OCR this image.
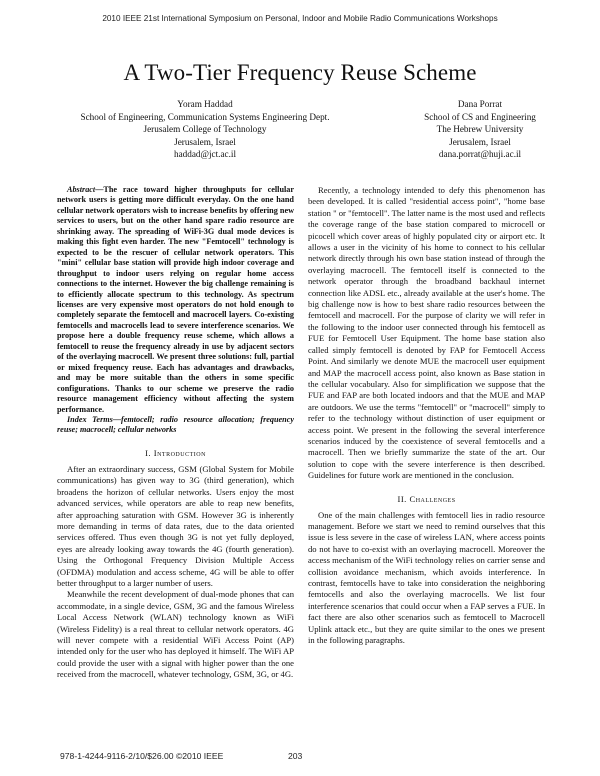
2010 IEEE 21st International Symposium on Personal, Indoor and Mobile Radio Communications Workshops
A Two-Tier Frequency Reuse Scheme
Yoram Haddad
School of Engineering, Communication Systems Engineering Dept.
Jerusalem College of Technology
Jerusalem, Israel
haddad@jct.ac.il
Dana Porrat
School of CS and Engineering
The Hebrew University
Jerusalem, Israel
dana.porrat@huji.ac.il

Abstract—The race toward higher throughputs for cellular network users is getting more difficult everyday. On the one hand cellular network operators wish to increase benefits by offering new services to users, but on the other hand spare radio resource are shrinking away. The spreading of WiFi-3G dual mode devices is making this fight even harder. The new "Femtocell" technology is expected to be the rescuer of cellular network operators. This "mini" cellular base station will provide high indoor coverage and throughput to indoor users relying on regular home access connections to the internet. However the big challenge remaining is to efficiently allocate spectrum to this technology. As spectrum licenses are very expensive most operators do not hold enough to completely separate the femtocell and macrocell layers. Co-existing femtocells and macrocells lead to severe interference scenarios. We propose here a double frequency reuse scheme, which allows a femtocell to reuse the frequency already in use by adjacent sectors of the overlaying macrocell. We present three solutions: full, partial or mixed frequency reuse. Each has advantages and drawbacks, and may be more suitable than the others in some specific configurations. Thanks to our scheme we preserve the radio resource management efficiency without affecting the system performance.

Index Terms—femtocell; radio resource allocation; frequency reuse; macrocell; cellular networks

I. Introduction

After an extraordinary success, GSM (Global System for Mobile communications) has given way to 3G (third generation), which broadens the horizon of cellular networks. Users enjoy the most advanced services, while operators are able to reap new benefits, after approaching saturation with GSM. However 3G is inherently more demanding in terms of data rates, due to the data oriented services offered. Thus even though 3G is not yet fully deployed, eyes are already looking away towards the 4G (fourth generation). Using the Orthogonal Frequency Division Multiple Access (OFDMA) modulation and access scheme, 4G will be able to offer better throughput to a larger number of users.

Meanwhile the recent development of dual-mode phones that can accommodate, in a single device, GSM, 3G and the famous Wireless Local Access Network (WLAN) technology known as WiFi (Wireless Fidelity) is a real threat to cellular network operators. 4G will never compete with a residential WiFi Access Point (AP) intended only for the user who has deployed it himself. The WiFi AP could provide the user with a signal with higher power than the one received from the macrocell, whatever technology, GSM, 3G, or 4G.

Recently, a technology intended to defy this phenomenon has been developed. It is called "residential access point", "home base station " or "femtocell". The latter name is the most used and reflects the coverage range of the base station compared to microcell or picocell which cover areas of highly populated city or airport etc. It allows a user in the vicinity of his home to connect to his cellular network directly through his own base station instead of through the overlaying macrocell. The femtocell itself is connected to the network operator through the broadband backhaul internet connection like ADSL etc., already available at the user's home. The big challenge now is how to best share radio resources between the femtocell and macrocell. For the purpose of clarity we will refer in the following to the indoor user connected through his femtocell as FUE for Femtocell User Equipment. The home base station also called simply femtocell is denoted by FAP for Femtocell Access Point. And similarly we denote MUE the macrocell user equipment and MAP the macrocell access point, also known as Base station in the cellular vocabulary. Also for simplification we suppose that the FUE and FAP are both located indoors and that the MUE and MAP are outdoors. We use the terms "femtocell" or "macrocell" simply to refer to the technology without distinction of user equipment or access point. We present in the following the several interference scenarios induced by the coexistence of several femtocells and a macrocell. Then we briefly summarize the state of the art. Our solution to cope with the severe interference is then described. Guidelines for future work are mentioned in the conclusion.

II. Challenges

One of the main challenges with femtocell lies in radio resource management. Before we start we need to remind ourselves that this issue is less severe in the case of wireless LAN, where access points do not have to co-exist with an overlaying macrocell. Moreover the access mechanism of the WiFi technology relies on carrier sense and collision avoidance mechanism, which avoids interference. In contrast, femtocells have to take into consideration the neighboring femtocells and also the overlaying macrocells. We list four interference scenarios that could occur when a FAP serves a FUE. In fact there are also other scenarios such as femtocell to Macrocell Uplink attack etc., but they are quite similar to the ones we present in the following paragraphs.

978-1-4244-9116-2/10/$26.00 ©2010 IEEE	203
